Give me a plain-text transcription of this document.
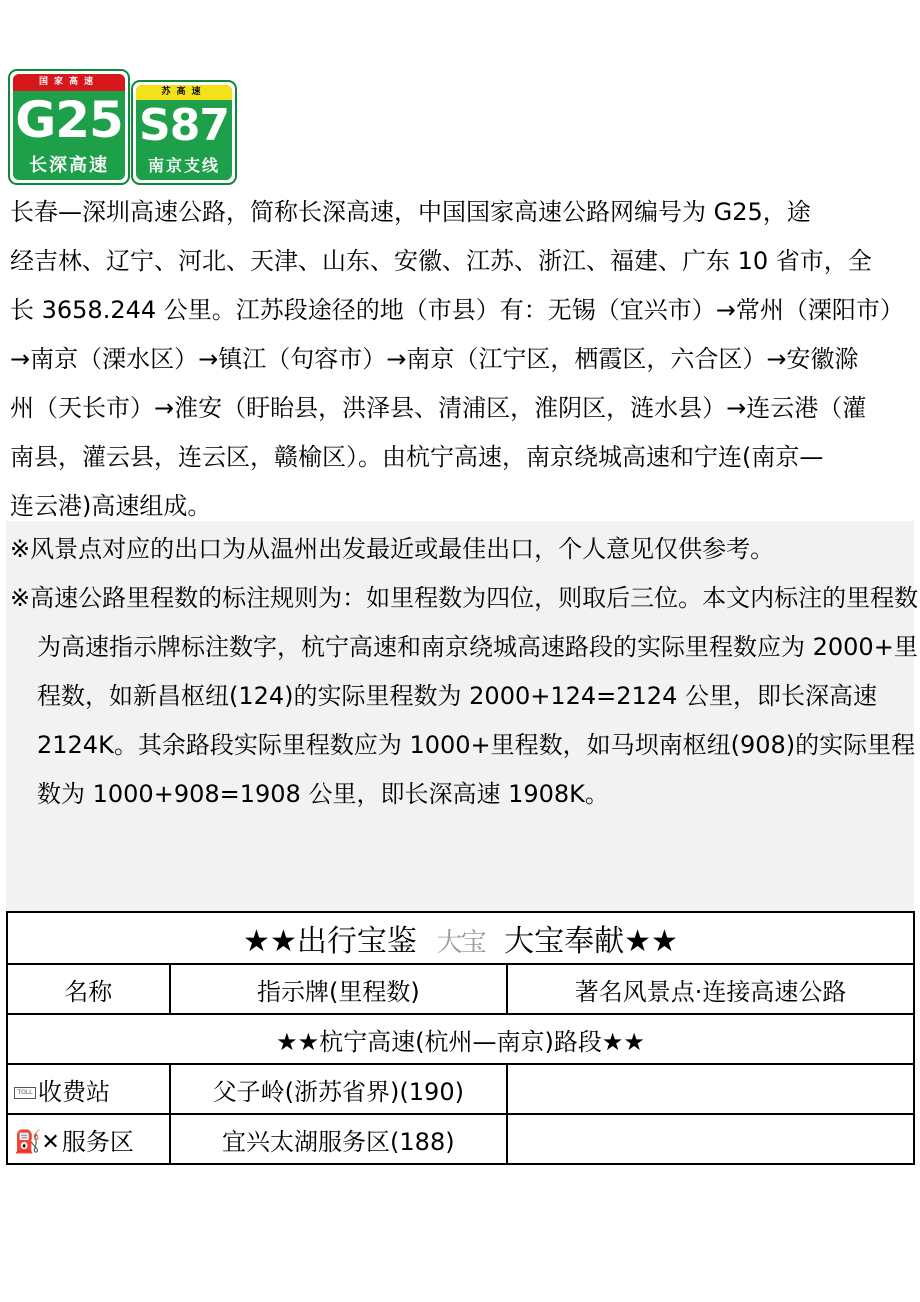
国家高速
G25
长深高速
苏高速
S87
南京支线

长春—深圳高速公路，简称长深高速，中国国家高速公路网编号为 G25，途

经吉林、辽宁、河北、天津、山东、安徽、江苏、浙江、福建、广东 10 省市，全

长 3658.244 公里。江苏段途径的地（市县）有：无锡（宜兴市）→常州（溧阳市）

→南京（溧水区）→镇江（句容市）→南京（江宁区，栖霞区，六合区）→安徽滁

州（天长市）→淮安（盱眙县，洪泽县、清浦区，淮阴区，涟水县）→连云港（灌

南县，灌云县，连云区，赣榆区）。由杭宁高速，南京绕城高速和宁连(南京—

连云港)高速组成。

※风景点对应的出口为从温州出发最近或最佳出口，个人意见仅供参考。

※高速公路里程数的标注规则为：如里程数为四位，则取后三位。本文内标注的里程数为高速指示牌标注数字，杭宁高速和南京绕城高速路段的实际里程数应为 2000+里程数，如新昌枢纽(124)的实际里程数为 2000+124=2124 公里，即长深高速 2124K。其余路段实际里程数应为 1000+里程数，如马坝南枢纽(908)的实际里程数为 1000+908=1908 公里，即长深高速 1908K。

★★出行宝鉴 大宝 大宝奉献★★		
名称	指示牌(里程数)	著名风景点·连接高速公路
★★杭宁高速(杭州—南京)路段★★		
TOLL 收费站	父子岭(浙苏省界)(190)	
⛽✕服务区	宜兴太湖服务区(188)	
